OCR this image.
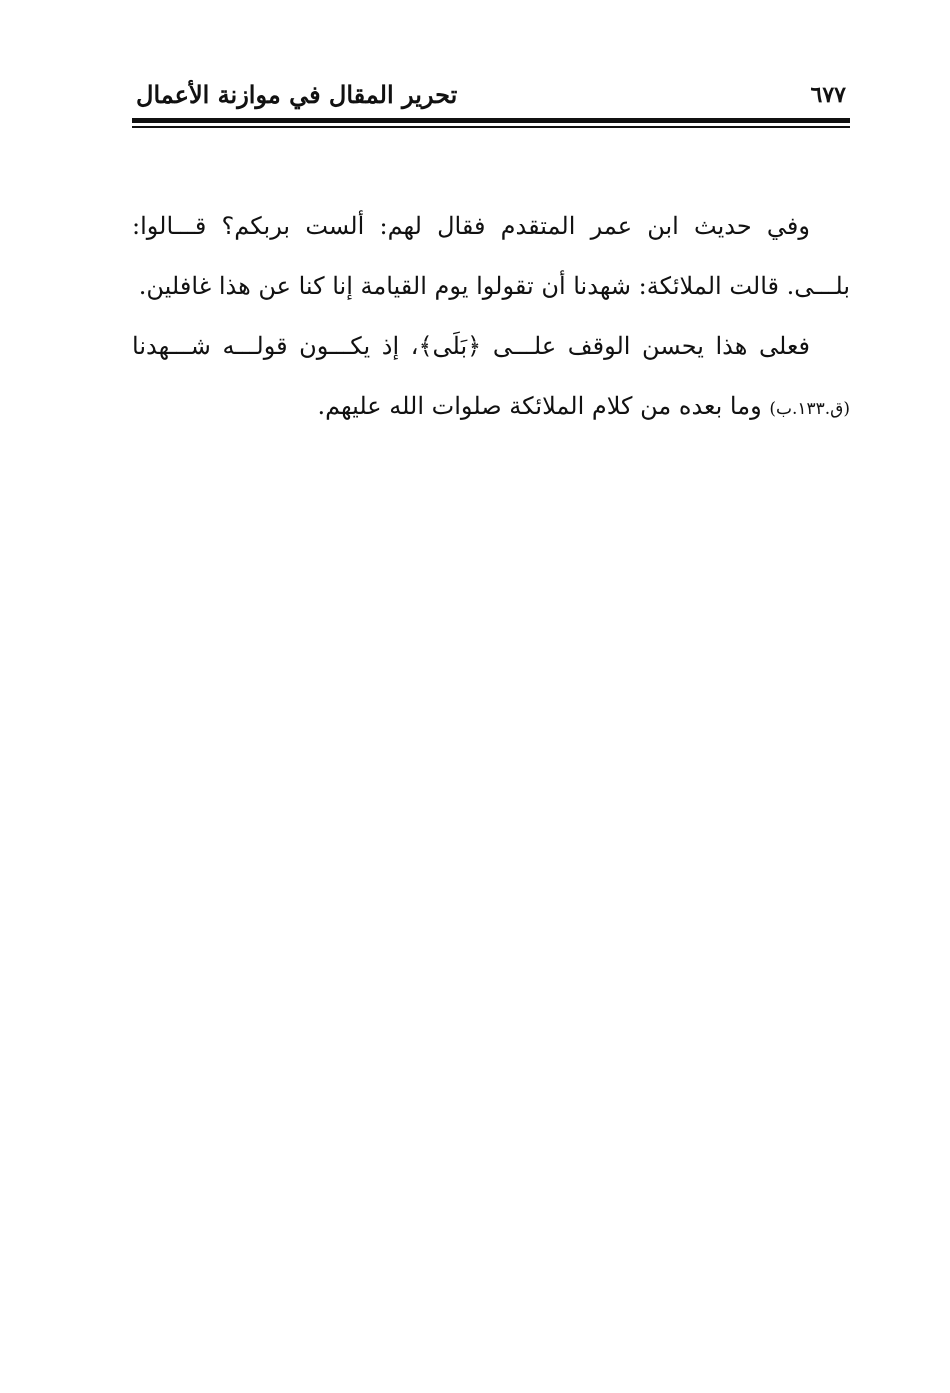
٦٧٧
تحرير المقال في موازنة الأعمال

وفي حديث ابن عمر المتقدم فقال لهم: ألست بربكم؟ قـــالوا: بلـــى. قالت الملائكة: شهدنا أن تقولوا يوم القيامة إنا كنا عن هذا غافلين.

فعلى هذا يحسن الوقف علـــى ﴿بَلَى﴾، إذ يكـــون قولـــه شـــهدنا (ق.١٣٣.ب) وما بعده من كلام الملائكة صلوات الله عليهم.
